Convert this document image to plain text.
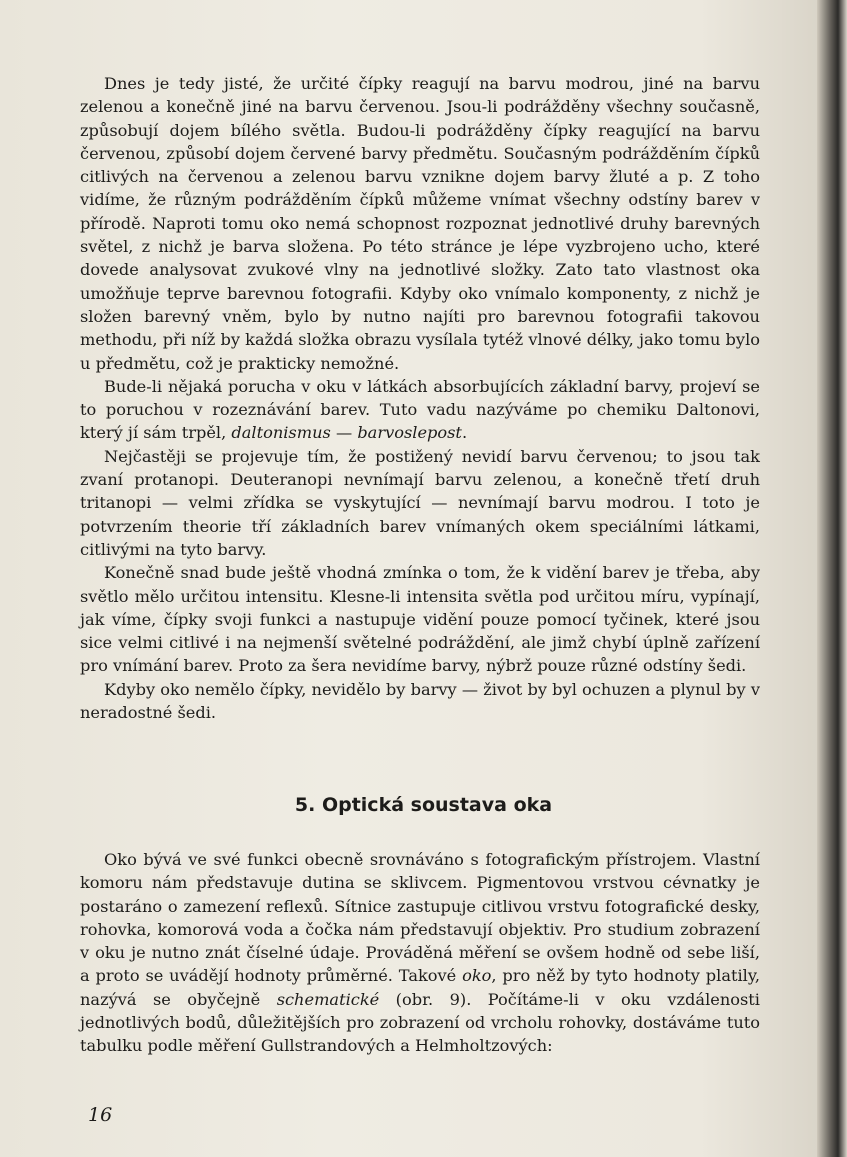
Dnes je tedy jisté, že určité čípky reagují na barvu modrou, jiné na barvu zelenou a konečně jiné na barvu červenou. Jsou-li podrážděny všechny současně, způsobují dojem bílého světla. Budou-li podrážděny čípky reagující na barvu červenou, způsobí dojem červené barvy předmětu. Současným podrážděním čípků citlivých na červenou a zelenou barvu vznikne dojem barvy žluté a p. Z toho vidíme, že různým podrážděním čípků můžeme vnímat všechny odstíny barev v přírodě. Naproti tomu oko nemá schopnost rozpoznat jednotlivé druhy barevných světel, z nichž je barva složena. Po této stránce je lépe vyzbrojeno ucho, které dovede analysovat zvukové vlny na jednotlivé složky. Zato tato vlastnost oka umožňuje teprve barevnou fotografii. Kdyby oko vnímalo komponenty, z nichž je složen barevný vněm, bylo by nutno najíti pro barevnou fotografii takovou methodu, při níž by každá složka obrazu vysílala tytéž vlnové délky, jako tomu bylo u předmětu, což je prakticky nemožné.

Bude-li nějaká porucha v oku v látkách absorbujících základní barvy, projeví se to poruchou v rozeznávání barev. Tuto vadu nazýváme po chemiku Daltonovi, který jí sám trpěl, daltonismus — barvoslepost.

Nejčastěji se projevuje tím, že postižený nevidí barvu červenou; to jsou tak zvaní protanopi. Deuteranopi nevnímají barvu zelenou, a konečně třetí druh tritanopi — velmi zřídka se vyskytující — nevnímají barvu modrou. I toto je potvrzením theorie tří základních barev vnímaných okem speciálními látkami, citlivými na tyto barvy.

Konečně snad bude ještě vhodná zmínka o tom, že k vidění barev je třeba, aby světlo mělo určitou intensitu. Klesne-li intensita světla pod určitou míru, vypínají, jak víme, čípky svoji funkci a nastupuje vidění pouze pomocí tyčinek, které jsou sice velmi citlivé i na nejmenší světelné podráždění, ale jimž chybí úplně zařízení pro vnímání barev. Proto za šera nevidíme barvy, nýbrž pouze různé odstíny šedi.

Kdyby oko nemělo čípky, nevidělo by barvy — život by byl ochuzen a plynul by v neradostné šedi.

5. Optická soustava oka

Oko bývá ve své funkci obecně srovnáváno s fotografickým přístrojem. Vlastní komoru nám představuje dutina se sklivcem. Pigmentovou vrstvou cévnatky je postaráno o zamezení reflexů. Sítnice zastupuje citlivou vrstvu fotografické desky, rohovka, komorová voda a čočka nám představují objektiv. Pro studium zobrazení v oku je nutno znát číselné údaje. Prováděná měření se ovšem hodně od sebe liší, a proto se uvádějí hodnoty průměrné. Takové oko, pro něž by tyto hodnoty platily, nazývá se obyčejně schematické (obr. 9). Počítáme-li v oku vzdálenosti jednotlivých bodů, důležitějších pro zobrazení od vrcholu rohovky, dostáváme tuto tabulku podle měření Gullstrandových a Helmholtzových:

16
